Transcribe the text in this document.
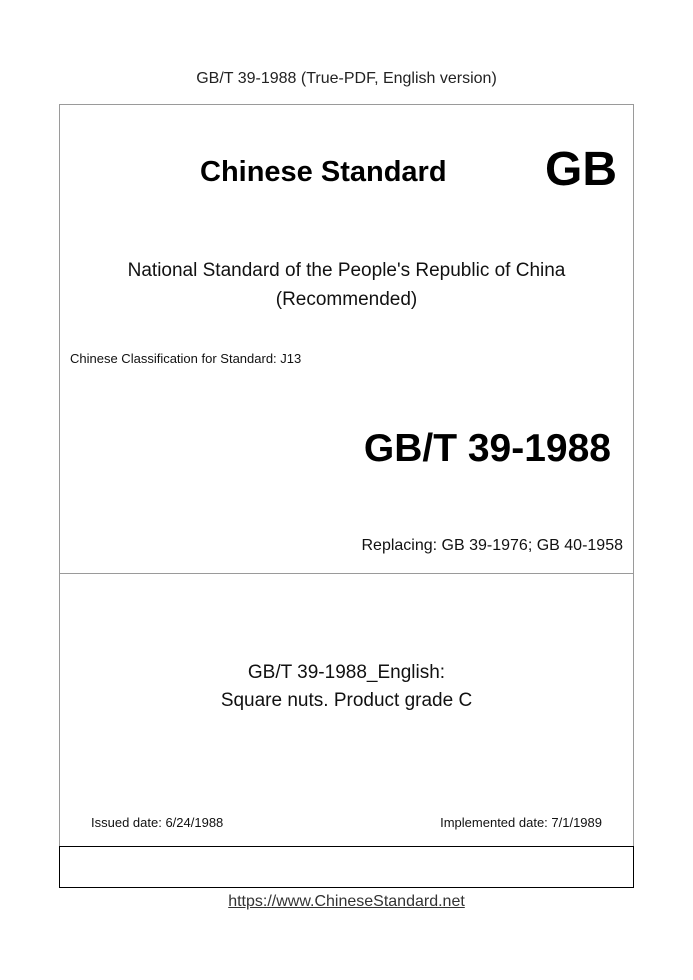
GB/T 39-1988 (True-PDF, English version)
Chinese Standard GB
National Standard of the People's Republic of China
(Recommended)
Chinese Classification for Standard: J13
GB/T 39-1988
Replacing: GB 39-1976; GB 40-1958
GB/T 39-1988_English:
Square nuts. Product grade C
Issued date: 6/24/1988	Implemented date: 7/1/1989
https://www.ChineseStandard.net
